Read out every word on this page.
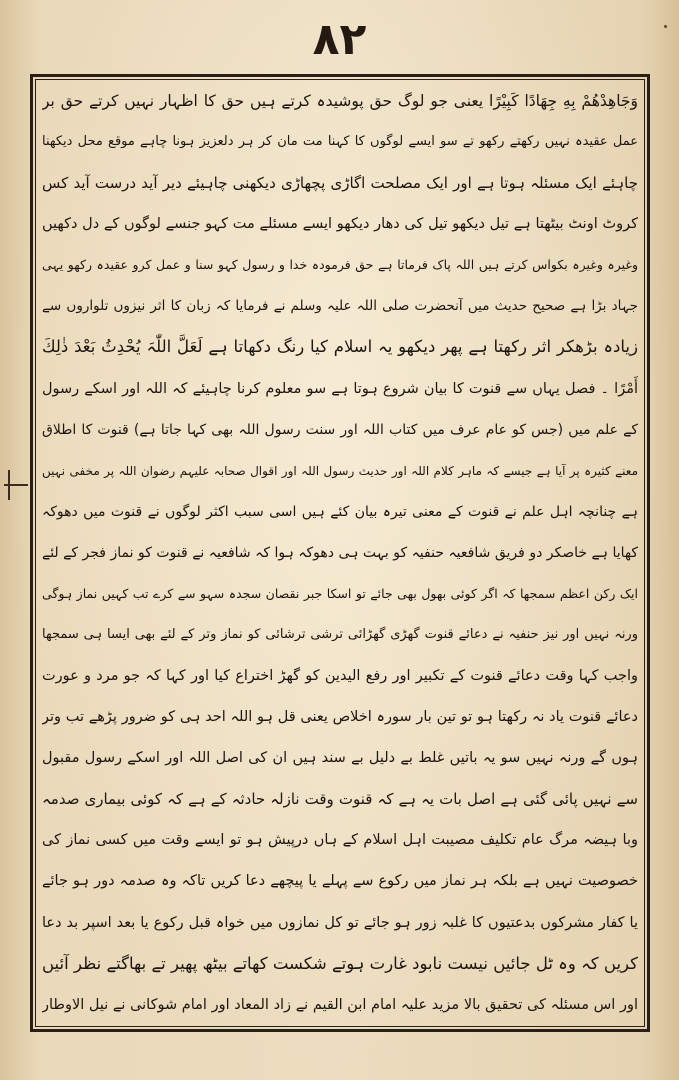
٨٢
وَجَاهِدْهُمْ بِهِ جِهَادًا كَبِيْرًا یعنی جو لوگ حق پوشیدہ کرتے ہیں حق کا اظہار نہیں کرتے حق بر
عمل عقیدہ نہیں رکھتے رکھو تے سو ایسے لوگوں کا کہنا مت مان کر ہر دلعزیز ہونا چاہے موقع محل دیکھنا
چاہئے ایک مسئلہ ہوتا ہے اور ایک مصلحت اگاڑی پچھاڑی دیکھنی چاہیئے دیر آید درست آید کس
کروٹ اونٹ بیٹھتا ہے تیل دیکھو تیل کی دھار دیکھو ایسے مسئلے مت کہو جنسے لوگوں کے دل دکھیں
وغیرہ وغیرہ بکواس کرتے ہیں اللہ پاک فرماتا ہے حق فرمودہ خدا و رسول کہو سنا و عمل کرو عقیدہ رکھو یہی
جہاد بڑا ہے صحیح حدیث میں آنحضرت صلی اللہ علیہ وسلم نے فرمایا کہ زبان کا اثر نیزوں تلواروں سے
زیادہ بڑھکر اثر رکھتا ہے پھر دیکھو یہ اسلام کیا رنگ دکھاتا ہے لَعَلَّ اللّٰہَ یُحْدِثُ بَعْدَ ذٰلِكَ
أَمْرًا ۔ فصل یہاں سے قنوت کا بیان شروع ہوتا ہے سو معلوم کرنا چاہیئے کہ اللہ اور اسکے رسول
کے علم میں (جس کو عام عرف میں کتاب اللہ اور سنت رسول اللہ بھی کہا جاتا ہے) قنوت کا اطلاق
معنے کثیرہ پر آیا ہے جیسے کہ ماہر کلام اللہ اور حدیث رسول اللہ اور اقوال صحابہ علیہم رضوان اللہ پر مخفی نہیں
ہے چنانچہ اہل علم نے قنوت کے معنی تیرہ بیان کئے ہیں اسی سبب اکثر لوگوں نے قنوت میں دھوکہ
کھایا ہے خاصکر دو فریق شافعیہ حنفیہ کو بہت ہی دھوکہ ہوا کہ شافعیہ نے قنوت کو نماز فجر کے لئے
ایک رکن اعظم سمجھا کہ اگر کوئی بھول بھی جائے تو اسکا جبر نقصان سجدہ سہو سے کرے تب کہیں نماز ہوگی
ورنہ نہیں اور نیز حنفیہ نے دعائے قنوت گھڑی گھڑائی ترشی ترشائی کو نماز وتر کے لئے بھی ایسا ہی سمجھا
واجب کہا وقت دعائے قنوت کے تکبیر اور رفع الیدین کو گھڑ اختراع کیا اور کہا کہ جو مرد و عورت
دعائے قنوت یاد نہ رکھتا ہو تو تین بار سورہ اخلاص یعنی قل ہو اللہ احد ہی کو ضرور پڑھے تب وتر
ہوں گے ورنہ نہیں سو یہ باتیں غلط بے دلیل بے سند ہیں ان کی اصل اللہ اور اسکے رسول مقبول
سے نہیں پائی گئی ہے اصل بات یہ ہے کہ قنوت وقت نازلہ حادثہ کے ہے کہ کوئی بیماری صدمہ
وبا ہیضہ مرگ عام تکلیف مصیبت اہل اسلام کے ہاں درپیش ہو تو ایسے وقت میں کسی نماز کی
خصوصیت نہیں ہے بلکہ ہر نماز میں رکوع سے پہلے یا پیچھے دعا کریں تاکہ وہ صدمہ دور ہو جائے
یا کفار مشرکوں بدعتیوں کا غلبہ زور ہو جائے تو کل نمازوں میں خواہ قبل رکوع یا بعد اسپر بد دعا
کریں کہ وہ ٹل جائیں نیست نابود غارت ہوتے شکست کھاتے بیٹھ پھیر تے بھاگتے نظر آئیں
اور اس مسئلہ کی تحقیق بالا مزید علیہ امام ابن القیم نے زاد المعاد اور امام شوکانی نے نیل الاوطار
